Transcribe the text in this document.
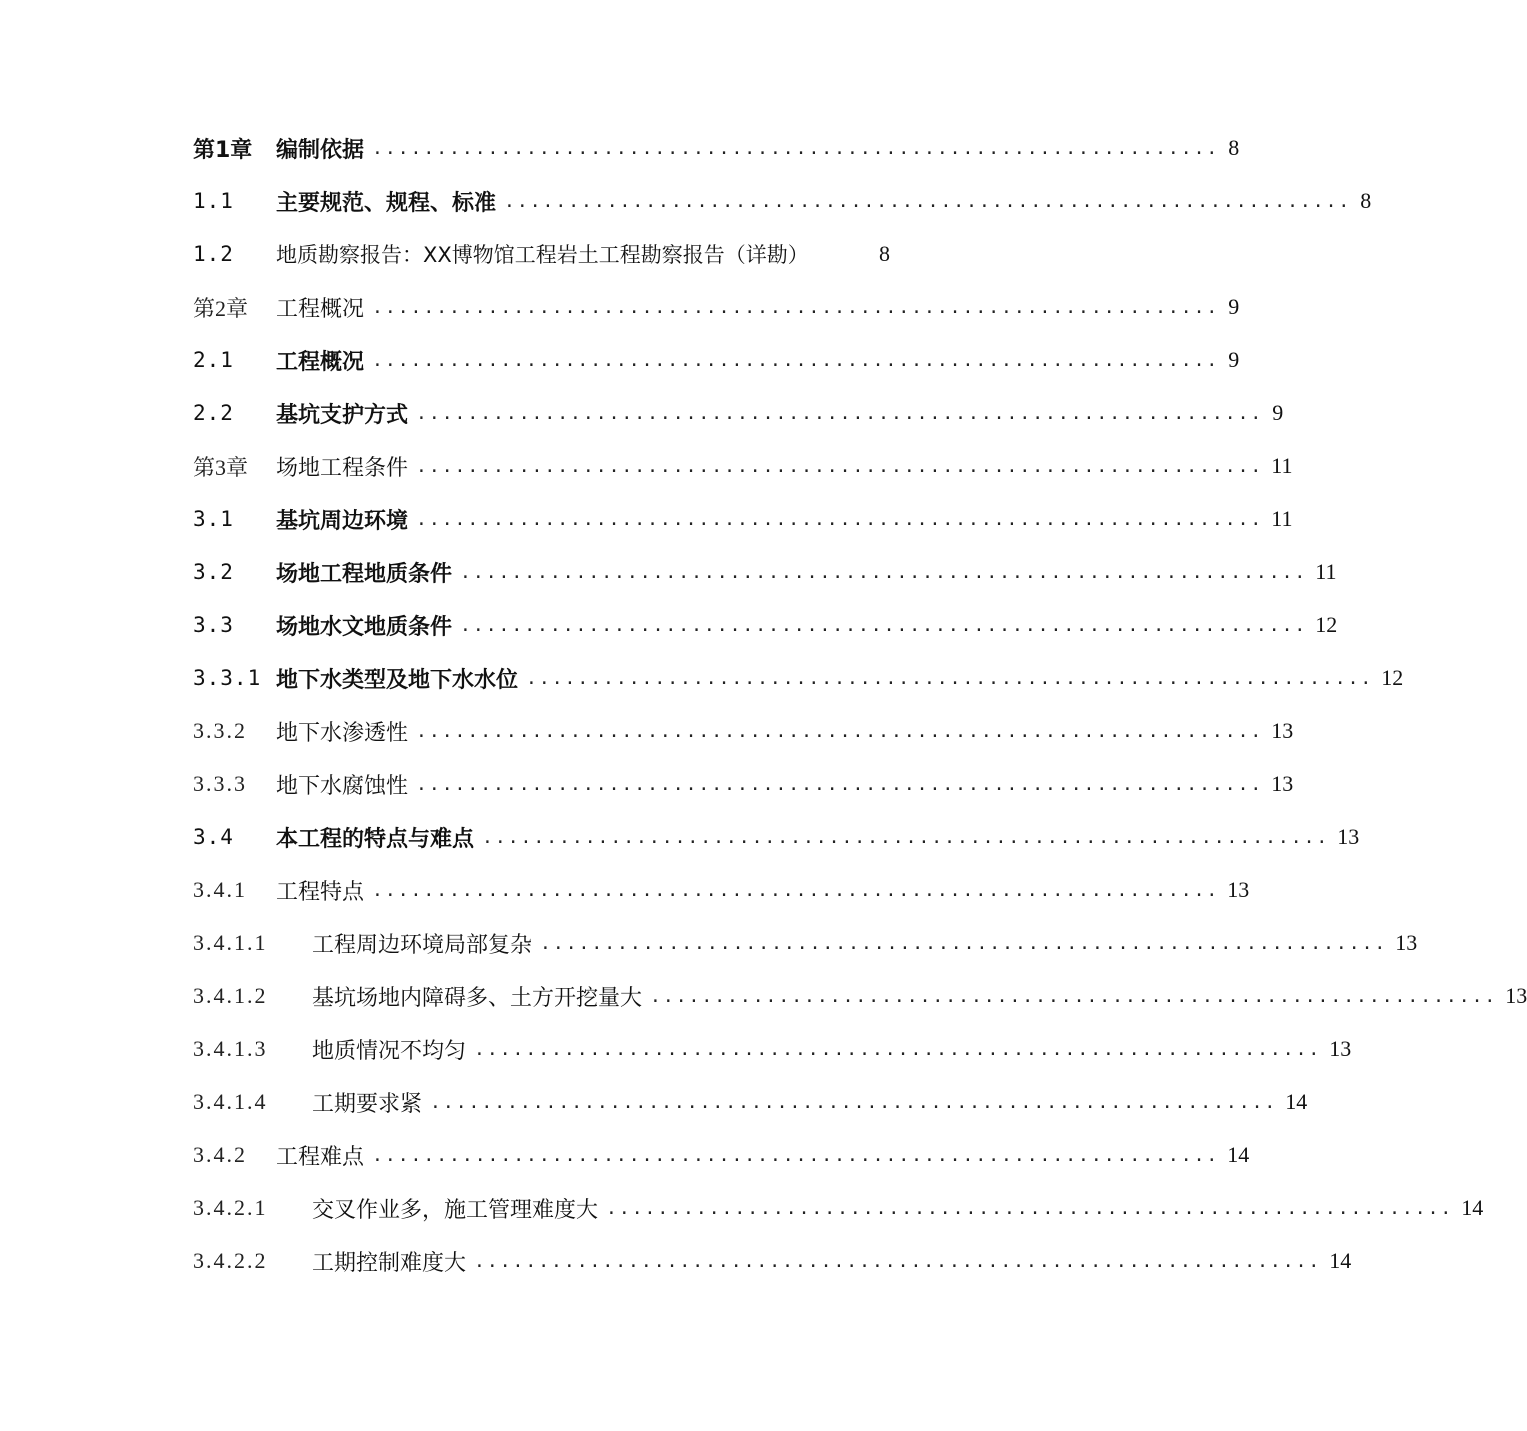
第1章	编制依据 .................................................................. 8
1.1	主要规范、规程、标准 .................................................................. 8
1.2	地质勘察报告：XX博物馆工程岩土工程勘察报告（详勘）	8
第2章	工程概况 .................................................................. 9
2.1	工程概况 .................................................................. 9
2.2	基坑支护方式 .................................................................. 9
第3章	场地工程条件 .................................................................. 11
3.1	基坑周边环境 .................................................................. 11
3.2	场地工程地质条件 .................................................................. 11
3.3	场地水文地质条件 .................................................................. 12
3.3.1 地下水类型及地下水水位 .................................................................. 12
3.3.2	地下水渗透性 .................................................................. 13
3.3.3	地下水腐蚀性 .................................................................. 13
3.4	本工程的特点与难点 .................................................................. 13
3.4.1	工程特点 .................................................................. 13
3.4.1.1	工程周边环境局部复杂 .................................................................. 13
3.4.1.2	基坑场地内障碍多、土方开挖量大 .................................................................. 13
3.4.1.3	地质情况不均匀 .................................................................. 13
3.4.1.4	工期要求紧 .................................................................. 14
3.4.2	工程难点 .................................................................. 14
3.4.2.1	交叉作业多，施工管理难度大 .................................................................. 14
3.4.2.2	工期控制难度大 .................................................................. 14
